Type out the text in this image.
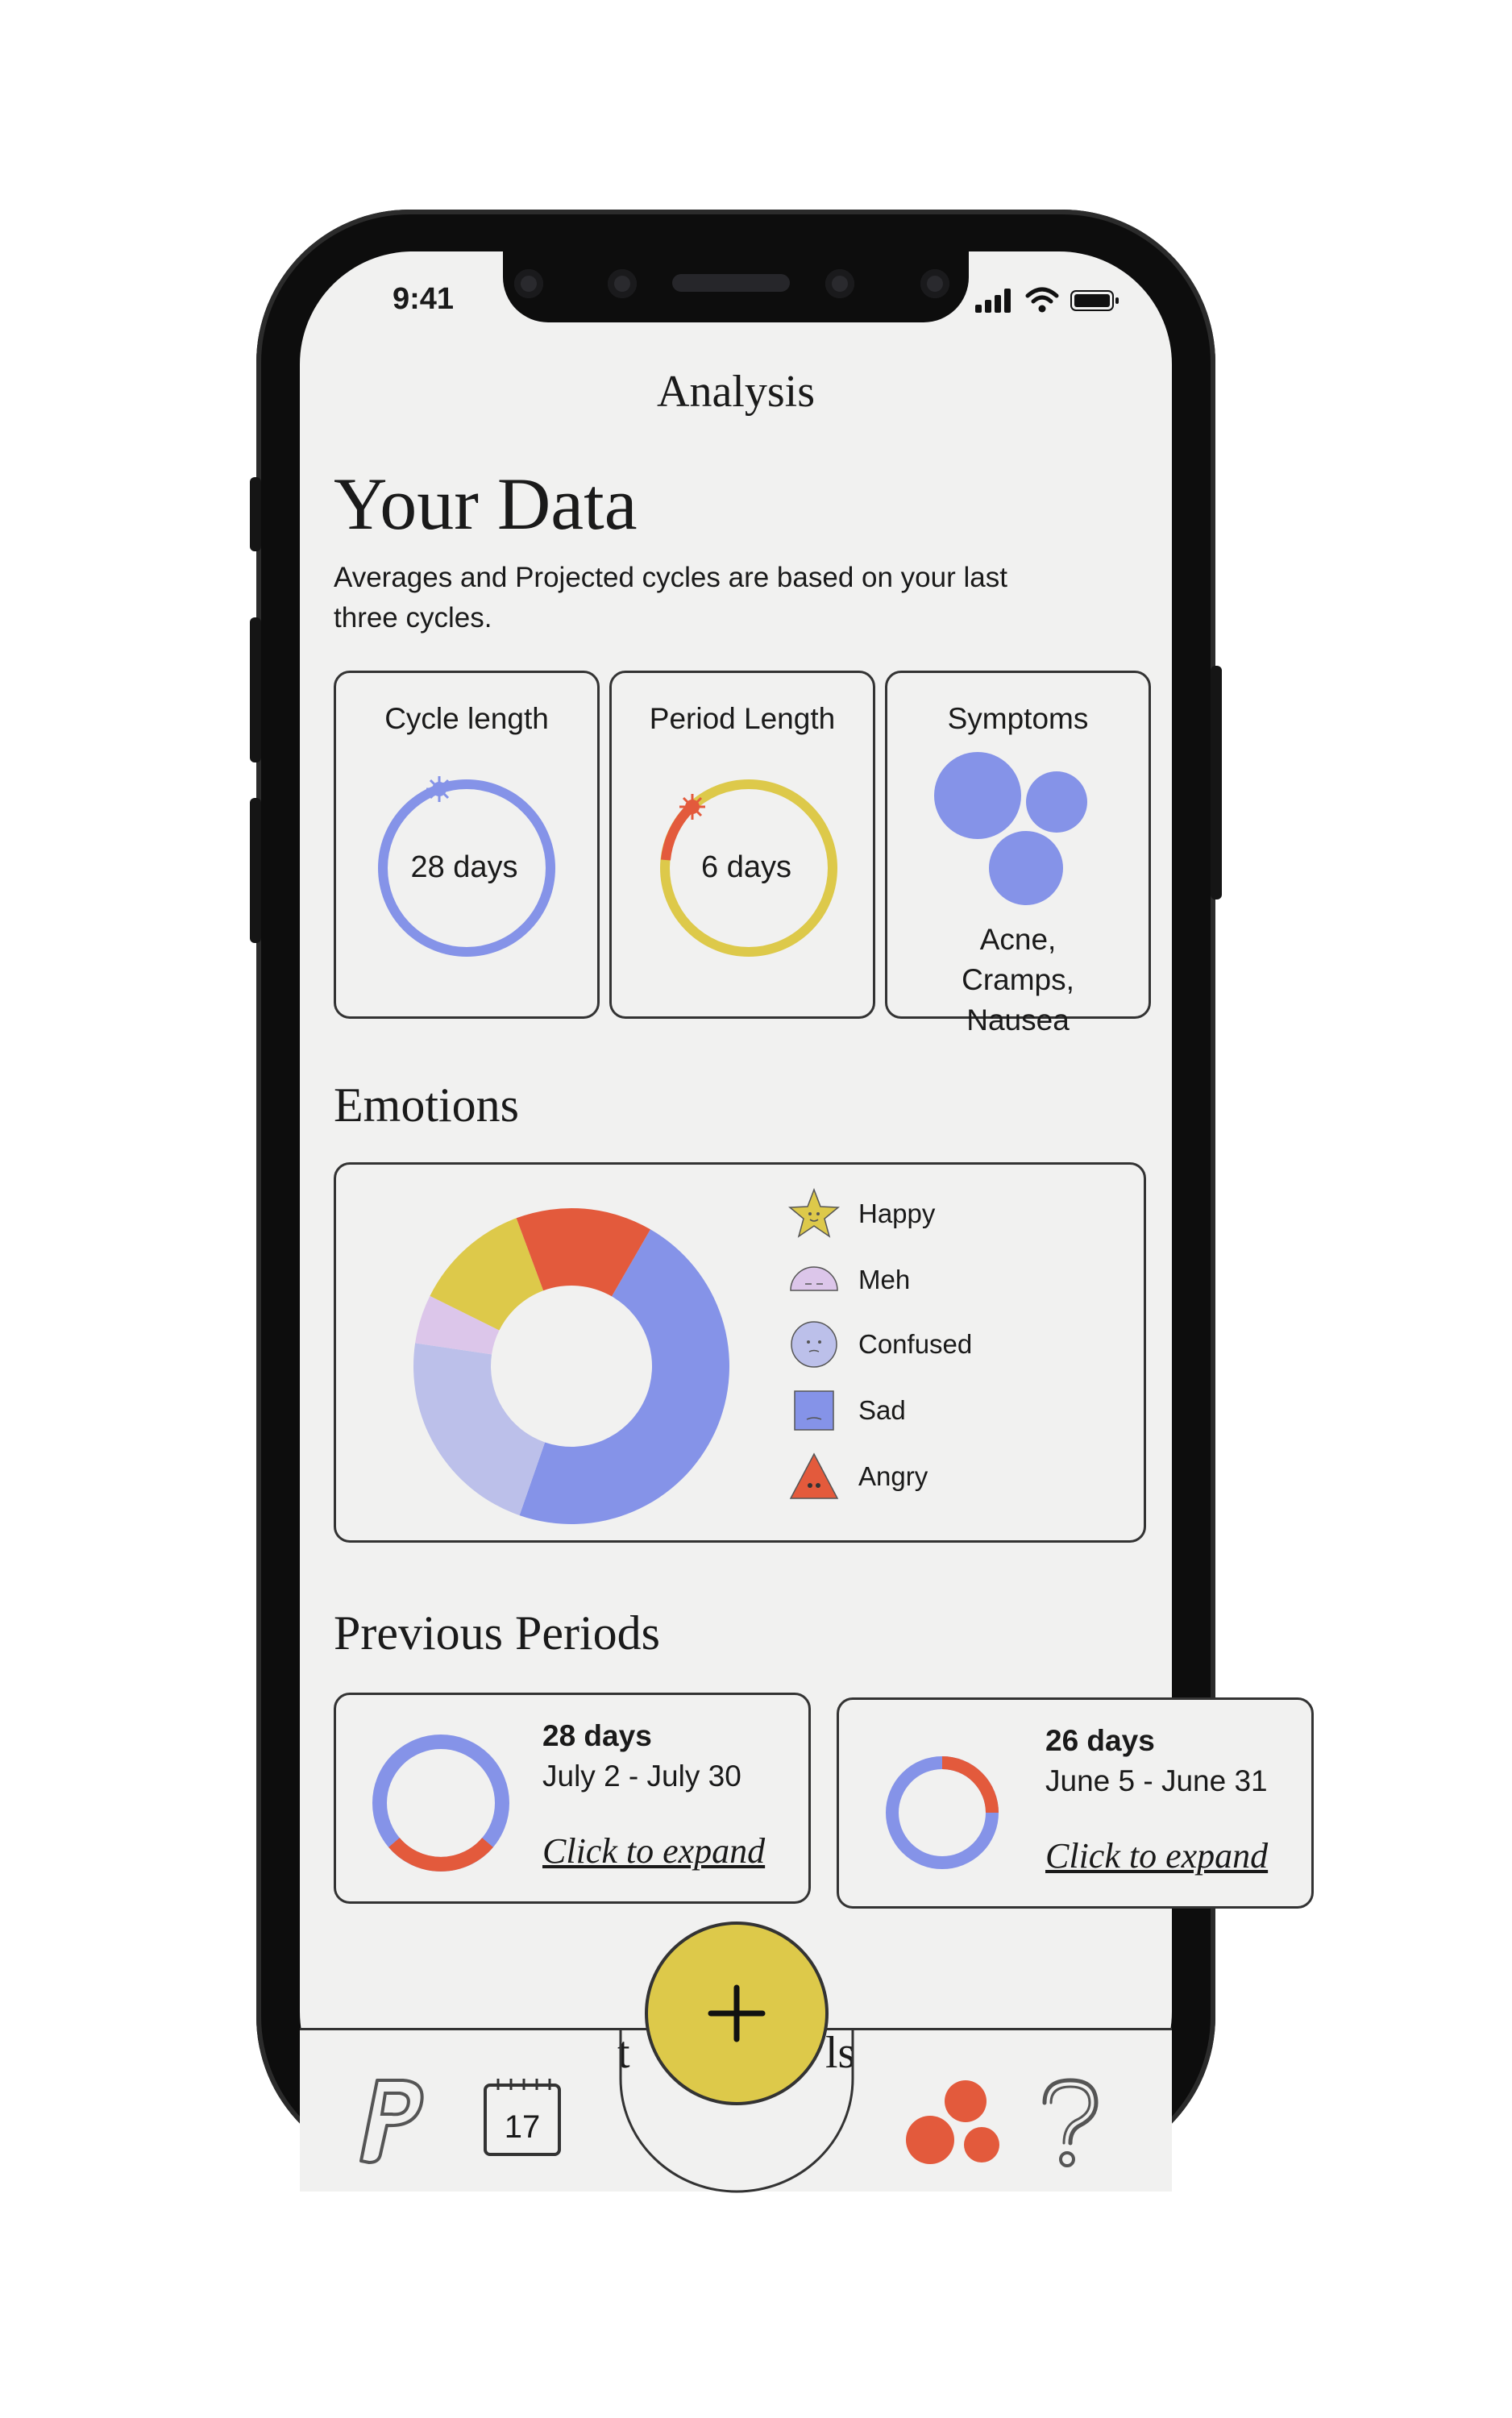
9:41
Analysis
Your Data
Averages and Projected cycles are based on your last three cycles.
Cycle length
28 days
Period Length
6 days
Symptoms
Acne, Cramps, Nausea
Emotions
Happy
Meh
Confused
Sad
Angry
Previous Periods
28 days
July 2 - July 30
Click to expand
26 days
June 5 - June 31
Click to expand
t	ls
17
